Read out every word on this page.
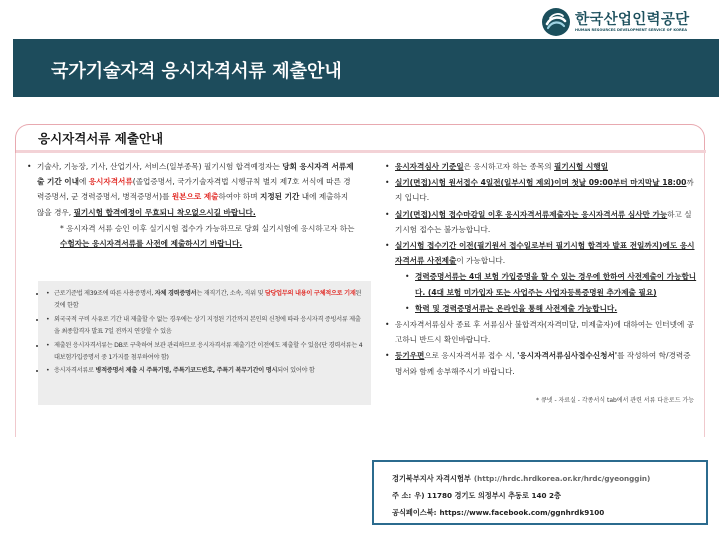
한국산업인력공단
HUMAN RESOURCES DEVELOPMENT SERVICE OF KOREA
국가기술자격 응시자격서류 제출안내
응시자격서류 제출안내
• 기술사, 기능장, 기사, 산업기사, 서비스(일부종목) 필기시험 합격예정자는 당회 응시자격 서류제출 기간 이내에 응시자격서류(졸업증명서, 국가기술자격법 시행규칙 별지 제7호 서식에 따른 경력증명서, 군 경력증명서, 병적증명서)를 원본으로 제출하여야 하며 지정된 기간 내에 제출하지 않을 경우, 필기시험 합격예정이 무효되니 착오없으시길 바랍니다.
* 응시자격 서류 승인 이후 실기시험 접수가 가능하므로 당회 실기시험에 응시하고자 하는 수험자는 응시자격서류를 사전에 제출하시기 바랍니다.
• • 근로기준법 제39조에 따른 사용증명서, 자체 경력증명서는 재직기간, 소속, 직위 및 담당업무의 내용이 구체적으로 기재된 것에 한함
• • 외국국적 구비 사유로 기간 내 제출할 수 없는 경우에는 상기 지정된 기간까지 본인의 신청에 따라 응시자격 증빙서류 제출을 최종합격자 발표 7일 전까지 연장할 수 있음
• • 제출된 응시자격서류는 DB로 구축하여 보관 관리하므로 응시자격서류 제출기간 이전에도 제출할 수 있음(단 경력서류는 4대보험가입증명서 중 1가지를 첨부하여야 함)
• • 응시자격서류로 병적증명서 제출 시 주특기명, 주특기코드번호, 주특기 복무기간이 명시되어 있어야 함
• 응시자격심사 기준일은 응시하고자 하는 종목의 필기시험 시행일
• 실기(면접)시험 원서접수 4일전(일부시험 제외)이며 첫날 09:00부터 마지막날 18:00까지 입니다.
• 실기(면접)시험 접수마감일 이후 응시자격서류제출자는 응시자격서류 심사만 가능하고 실기시험 접수는 불가능합니다.
• 실기시험 접수기간 이전(필기원서 접수일로부터 필기시험 합격자 발표 전일까지)에도 응시자격서류 사전제출이 가능합니다.
• 경력증명서류는 4대 보험 가입증명을 할 수 있는 경우에 한하여 사전제출이 가능합니다. (4대 보험 미가입자 또는 사업주는 사업자등록증명원 추가제출 필요)
• 학력 및 경력증명서류는 온라인을 통해 사전제출 가능합니다.
• 응시자격서류심사 종료 후 서류심사 불합격자(자격미달, 미제출자)에 대하여는 인터넷에 공고하니 반드시 확인바랍니다.
• 등기우편으로 응시자격서류 접수 시, '응시자격서류심사접수신청서'를 작성하여 학/경력증명서와 함께 송부해주시기 바랍니다.
* 큐넷 - 자료실 - 각종서식 tab에서 관련 서류 다운로드 가능
경기북부지사 자격시험부 (http://hrdc.hrdkorea.or.kr/hrdc/gyeonggin)
주 소: 우) 11780 경기도 의정부시 추동로 140 2층
공식페이스북: https://www.facebook.com/ggnhrdk9100
